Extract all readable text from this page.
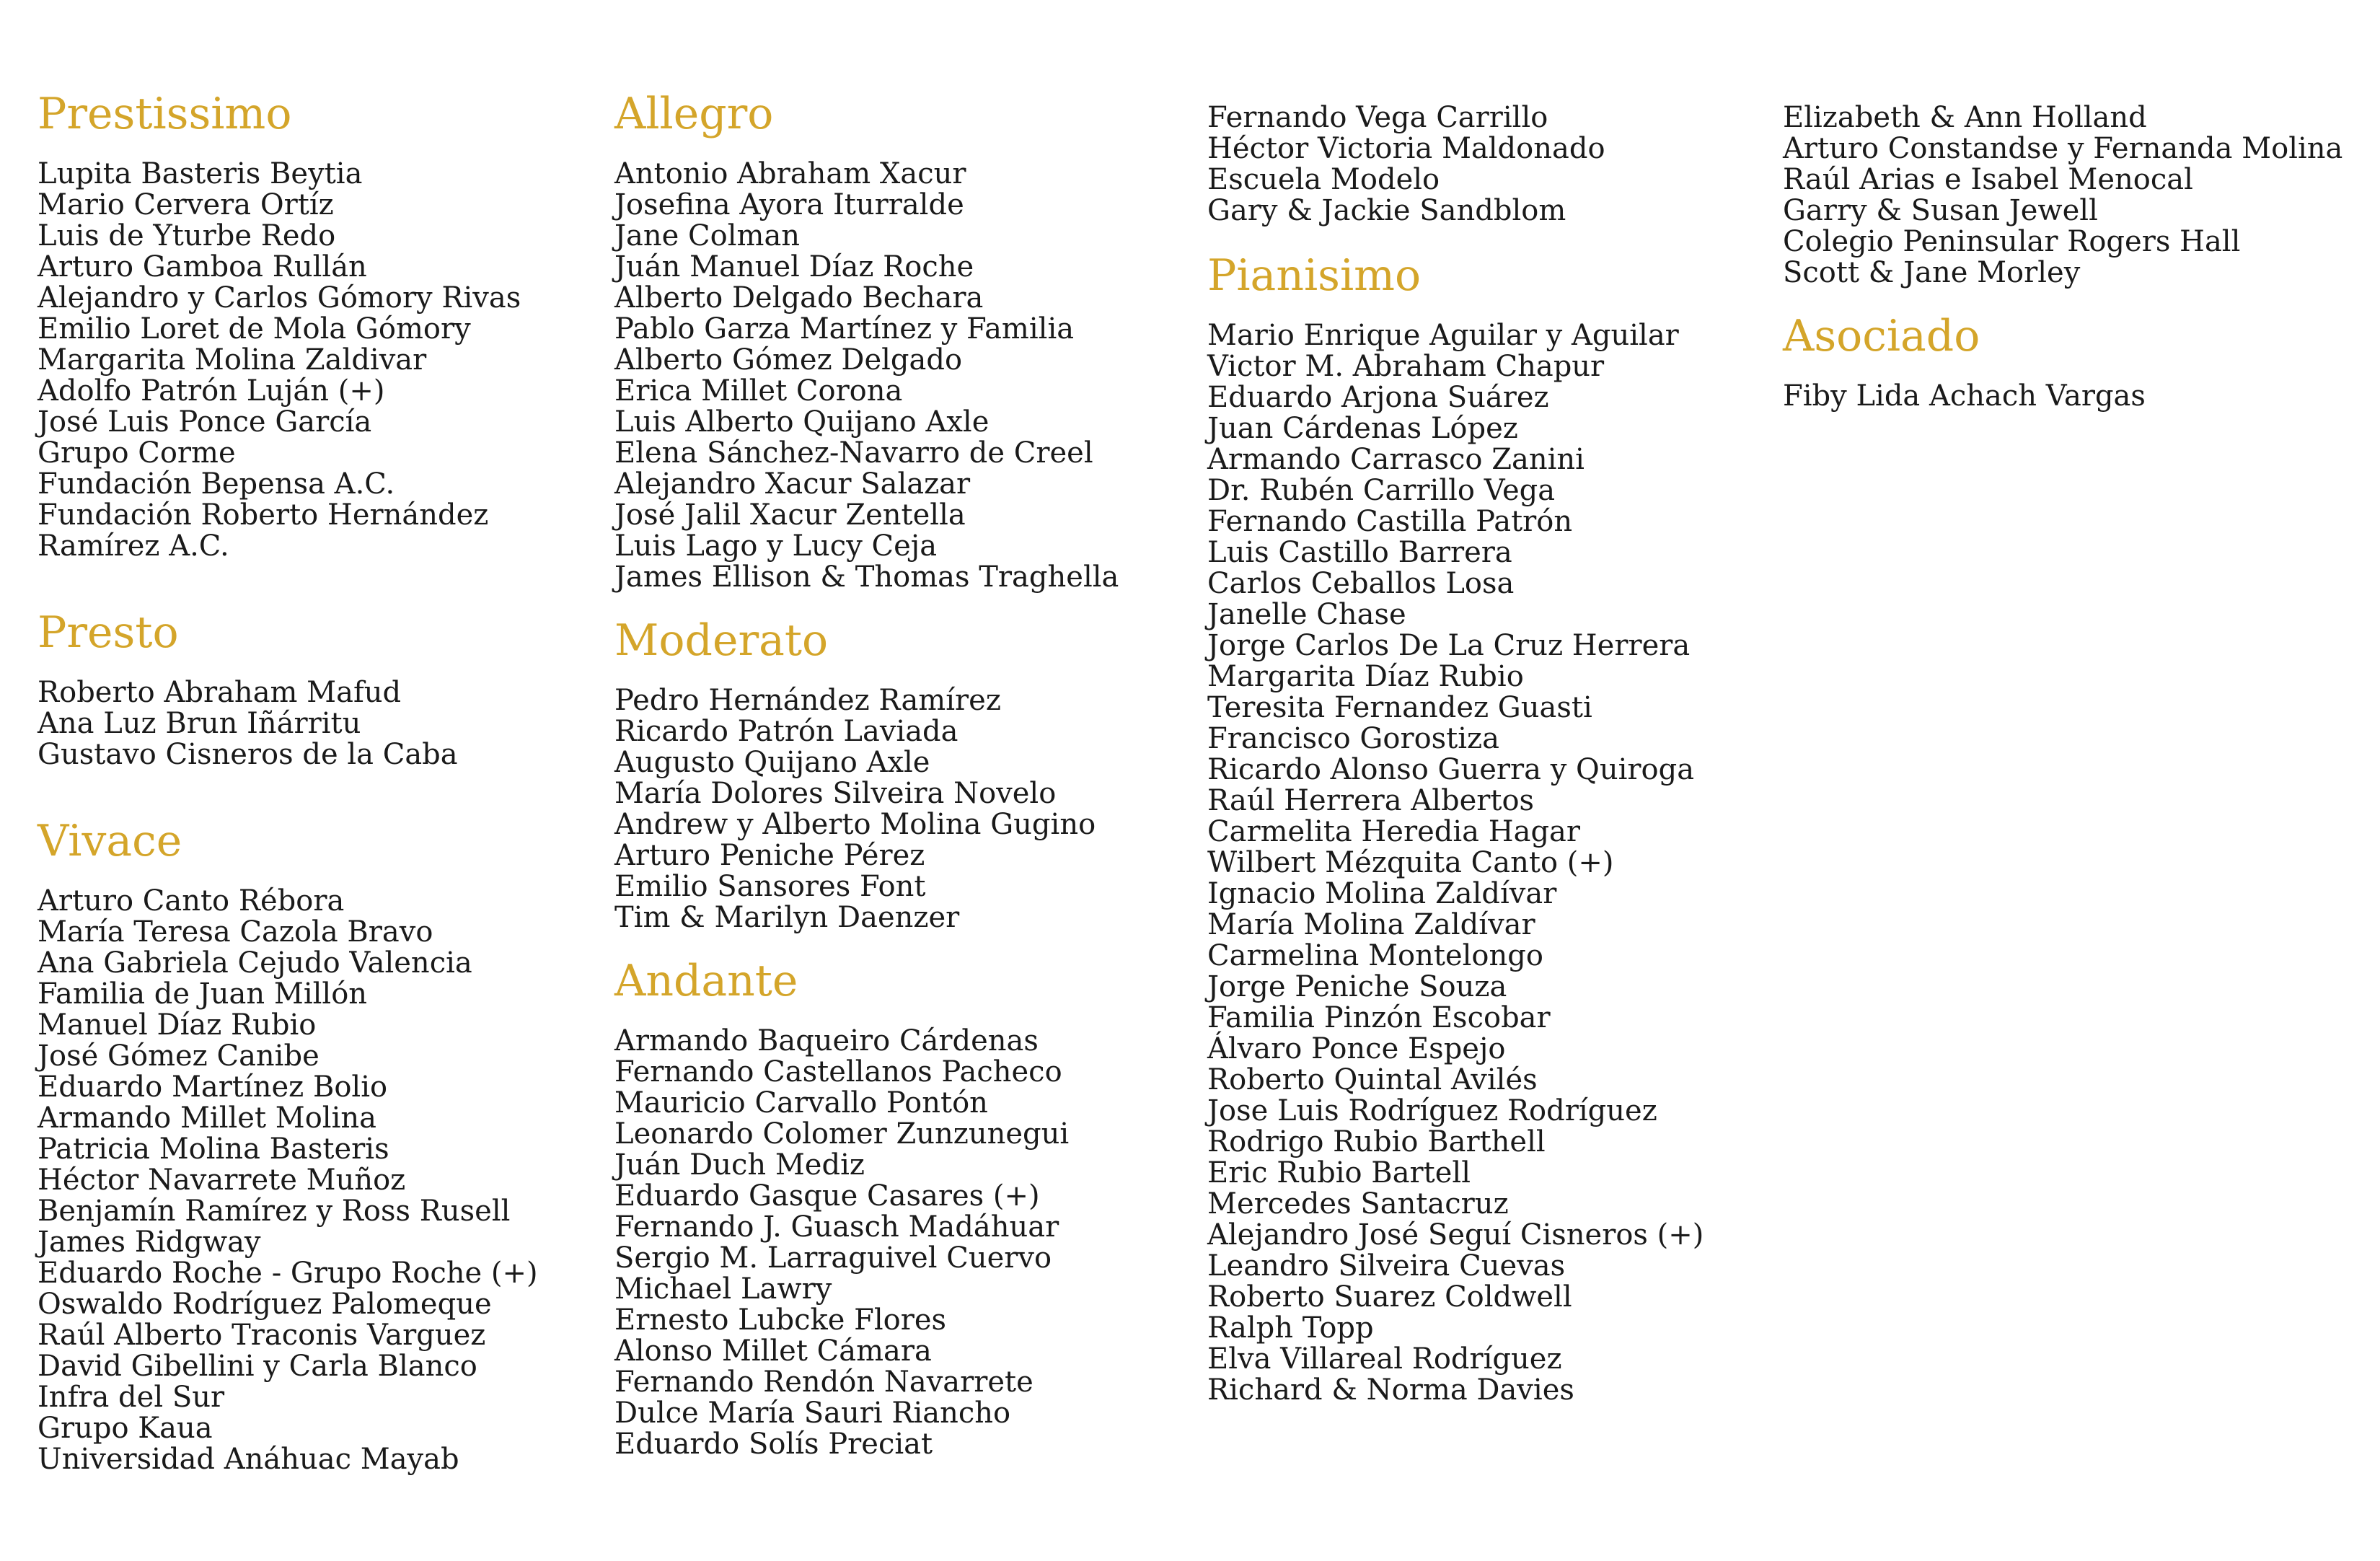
Prestissimo
Lupita Basteris Beytia
Mario Cervera Ortíz
Luis de Yturbe Redo
Arturo Gamboa Rullán
Alejandro y Carlos Gómory Rivas
Emilio Loret de Mola Gómory
Margarita Molina Zaldivar
Adolfo Patrón Luján (+)
José Luis Ponce García
Grupo Corme
Fundación Bepensa A.C.
Fundación Roberto Hernández
Ramírez A.C.
Presto
Roberto Abraham Mafud
Ana Luz Brun Iñárritu
Gustavo Cisneros de la Caba
Vivace
Arturo Canto Rébora
María Teresa Cazola Bravo
Ana Gabriela Cejudo Valencia
Familia de Juan Millón
Manuel Díaz Rubio
José Gómez Canibe
Eduardo Martínez Bolio
Armando Millet Molina
Patricia Molina Basteris
Héctor Navarrete Muñoz
Benjamín Ramírez y Ross Rusell
James Ridgway
Eduardo Roche - Grupo Roche (+)
Oswaldo Rodríguez Palomeque
Raúl Alberto Traconis Varguez
David Gibellini y Carla Blanco
Infra del Sur
Grupo Kaua
Universidad Anáhuac Mayab
Allegro
Antonio Abraham Xacur
Josefina Ayora Iturralde
Jane Colman
Juán Manuel Díaz Roche
Alberto Delgado Bechara
Pablo Garza Martínez y Familia
Alberto Gómez Delgado
Erica Millet Corona
Luis Alberto Quijano Axle
Elena Sánchez-Navarro de Creel
Alejandro Xacur Salazar
José Jalil Xacur Zentella
Luis Lago y Lucy Ceja
James Ellison & Thomas Traghella
Moderato
Pedro Hernández Ramírez
Ricardo Patrón Laviada
Augusto Quijano Axle
María Dolores Silveira Novelo
Andrew y Alberto Molina Gugino
Arturo Peniche Pérez
Emilio Sansores Font
Tim & Marilyn Daenzer
Andante
Armando Baqueiro Cárdenas
Fernando Castellanos Pacheco
Mauricio Carvallo Pontón
Leonardo Colomer Zunzunegui
Juán Duch Mediz
Eduardo Gasque Casares (+)
Fernando J. Guasch Madáhuar
Sergio M. Larraguivel Cuervo
Michael Lawry
Ernesto Lubcke Flores
Alonso Millet Cámara
Fernando Rendón Navarrete
Dulce María Sauri Riancho
Eduardo Solís Preciat
Fernando Vega Carrillo
Héctor Victoria Maldonado
Escuela Modelo
Gary & Jackie Sandblom
Pianisimo
Mario Enrique Aguilar y Aguilar
Victor M. Abraham Chapur
Eduardo Arjona Suárez
Juan Cárdenas López
Armando Carrasco Zanini
Dr. Rubén Carrillo Vega
Fernando Castilla Patrón
Luis Castillo Barrera
Carlos Ceballos Losa
Janelle Chase
Jorge Carlos De La Cruz Herrera
Margarita Díaz Rubio
Teresita Fernandez Guasti
Francisco Gorostiza
Ricardo Alonso Guerra y Quiroga
Raúl Herrera Albertos
Carmelita Heredia Hagar
Wilbert Mézquita Canto (+)
Ignacio Molina Zaldívar
María Molina Zaldívar
Carmelina Montelongo
Jorge Peniche Souza
Familia Pinzón Escobar
Álvaro Ponce Espejo
Roberto Quintal Avilés
Jose Luis Rodríguez Rodríguez
Rodrigo Rubio Barthell
Eric Rubio Bartell
Mercedes Santacruz
Alejandro José Seguí Cisneros (+)
Leandro Silveira Cuevas
Roberto Suarez Coldwell
Ralph Topp
Elva Villareal Rodríguez
Richard & Norma Davies
Elizabeth & Ann Holland
Arturo Constandse y Fernanda Molina
Raúl Arias e Isabel Menocal
Garry & Susan Jewell
Colegio Peninsular Rogers Hall
Scott & Jane Morley
Asociado
Fiby Lida Achach Vargas
